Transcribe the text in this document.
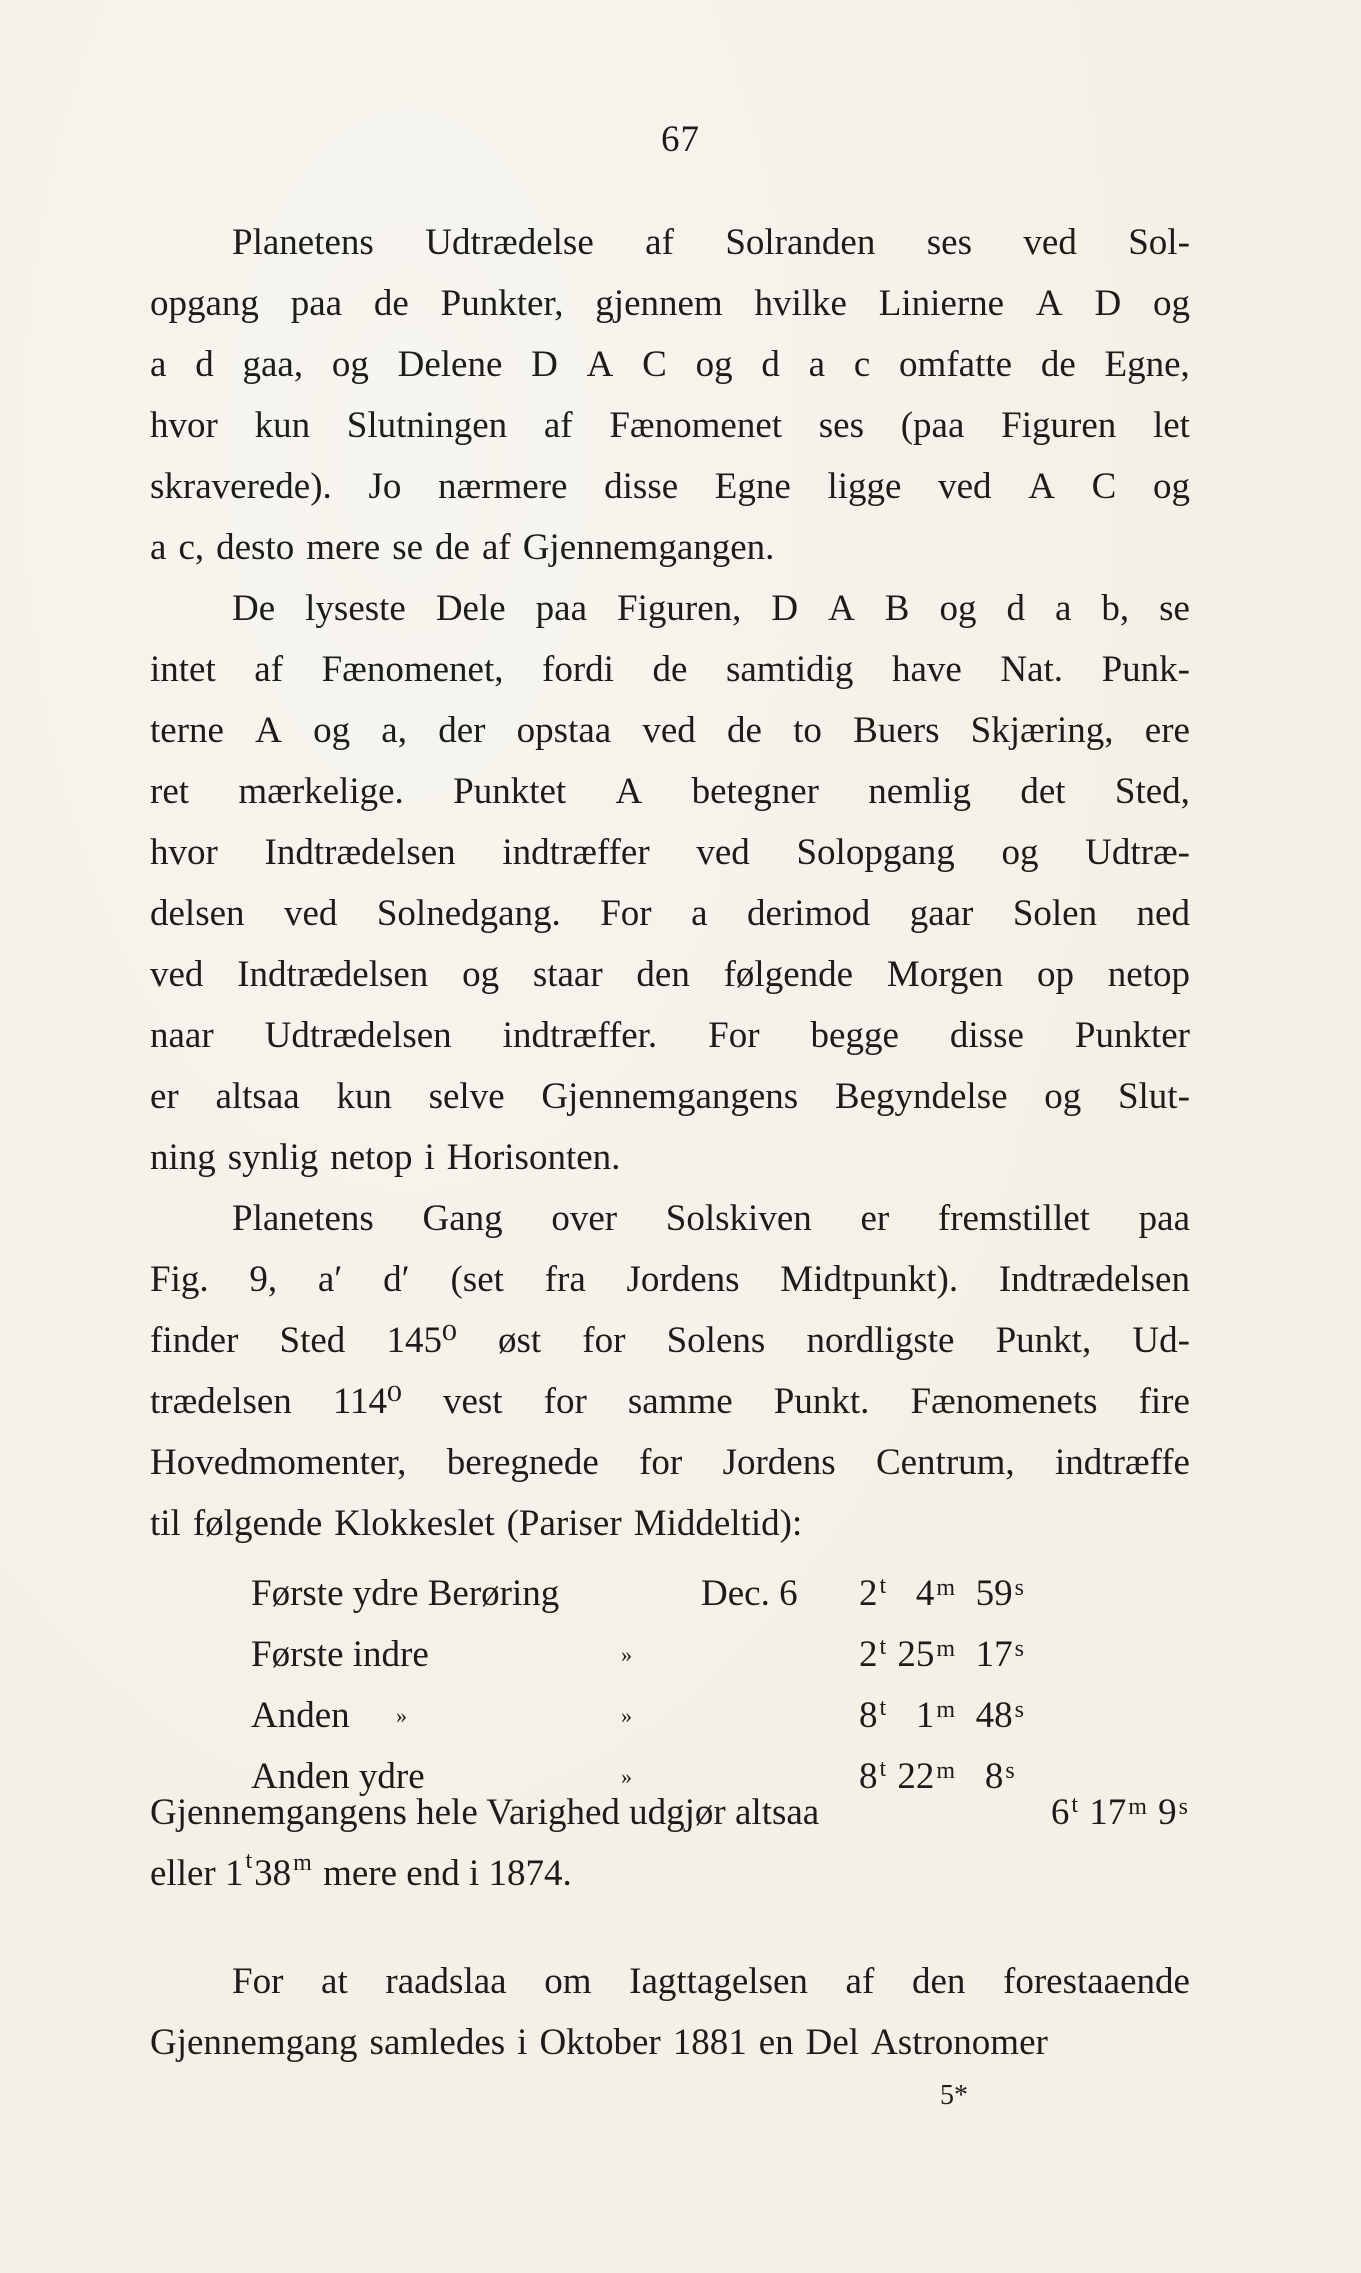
67
Planetens Udtrædelse af Solranden ses ved Sol-
opgang paa de Punkter, gjennem hvilke Linierne A D og
a d gaa, og Delene D A C og d a c omfatte de Egne,
hvor kun Slutningen af Fænomenet ses (paa Figuren let
skraverede). Jo nærmere disse Egne ligge ved A C og
a c, desto mere se de af Gjennemgangen.
De lyseste Dele paa Figuren, D A B og d a b, se
intet af Fænomenet, fordi de samtidig have Nat. Punk-
terne A og a, der opstaa ved de to Buers Skjæring, ere
ret mærkelige. Punktet A betegner nemlig det Sted,
hvor Indtrædelsen indtræffer ved Solopgang og Udtræ-
delsen ved Solnedgang. For a derimod gaar Solen ned
ved Indtrædelsen og staar den følgende Morgen op netop
naar Udtrædelsen indtræffer. For begge disse Punkter
er altsaa kun selve Gjennemgangens Begyndelse og Slut-
ning synlig netop i Horisonten.
Planetens Gang over Solskiven er fremstillet paa
Fig. 9, a′ d′ (set fra Jordens Midtpunkt). Indtrædelsen
finder Sted 145⁰ øst for Solens nordligste Punkt, Ud-
trædelsen 114⁰ vest for samme Punkt. Fænomenets fire
Hovedmomenter, beregnede for Jordens Centrum, indtræffe
til følgende Klokkeslet (Pariser Middeltid):
Første ydre Berøring	Dec. 6 2$^t$ 4$^m$ 59$^s$
Første indre	»	2$^t$ 25$^m$ 17$^s$
Anden »	»	8$^t$ 1$^m$ 48$^s$
Anden ydre	»	8$^t$ 22$^m$ 8$^s$
Gjennemgangens hele Varighed udgjør altsaa	6$^t$ 17$^m$ 9$^s$
eller
1 t 38 m
mere end i 1874.
For at raadslaa om Iagttagelsen af den forestaaende
Gjennemgang samledes i Oktober 1881 en Del Astronomer
5*
